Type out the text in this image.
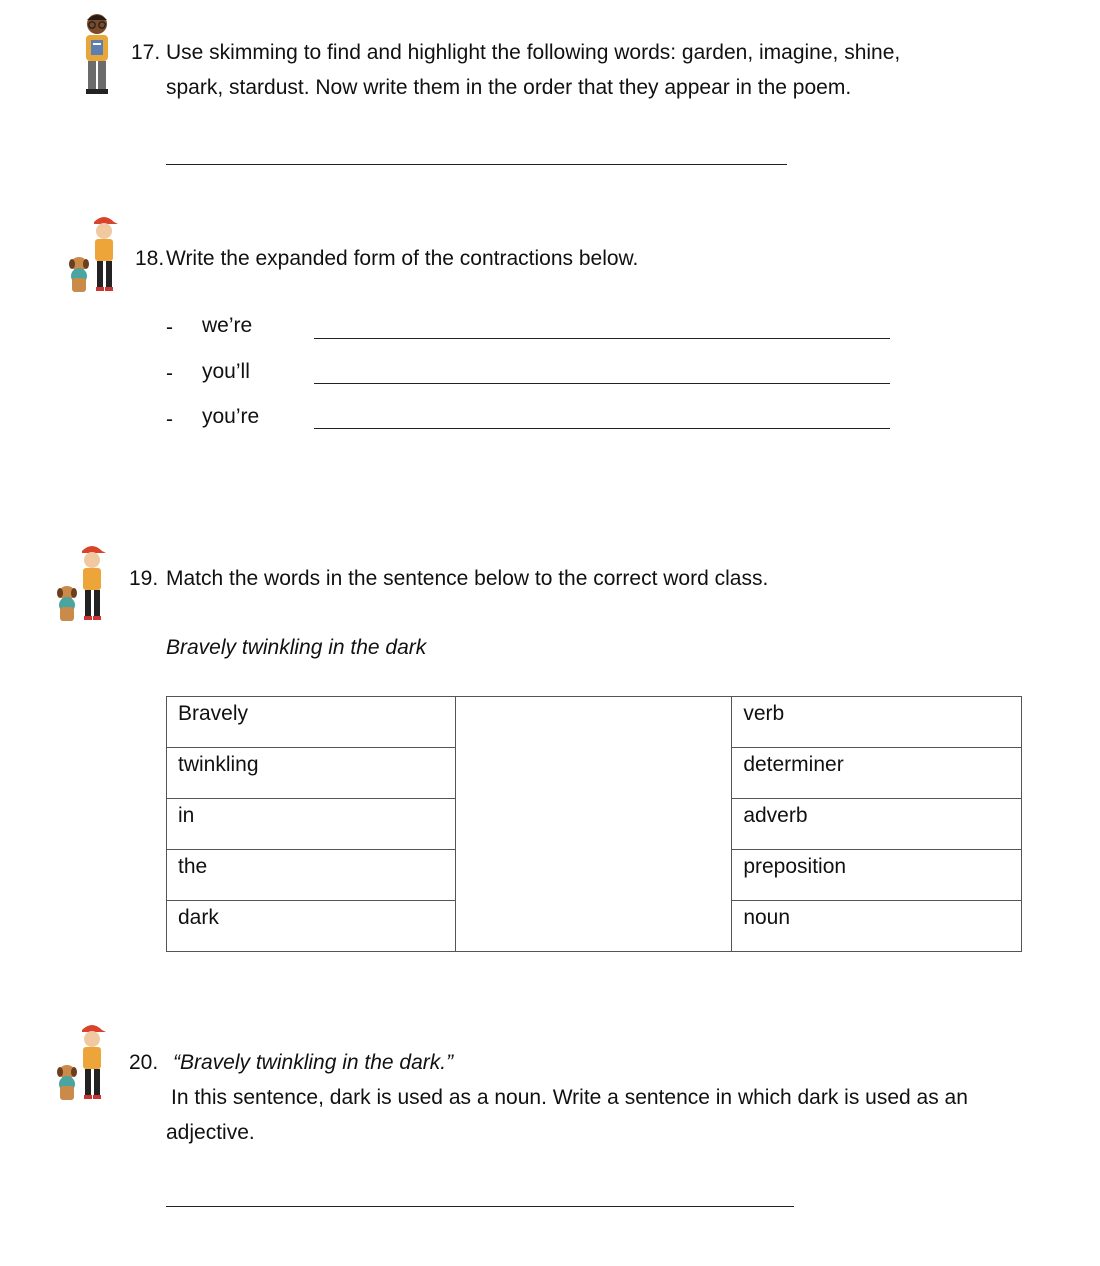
17. Use skimming to find and highlight the following words: garden, imagine, shine,
spark, stardust. Now write them in the order that they appear in the poem.
18. Write the expanded form of the contractions below.
- we’re
- you’ll
- you’re
19. Match the words in the sentence below to the correct word class.
Bravely twinkling in the dark
Bravely		verb
twinkling		determiner
in		adverb
the		preposition
dark		noun
20. “Bravely twinkling in the dark.”
In this sentence, dark is used as a noun. Write a sentence in which dark is used as an
adjective.
